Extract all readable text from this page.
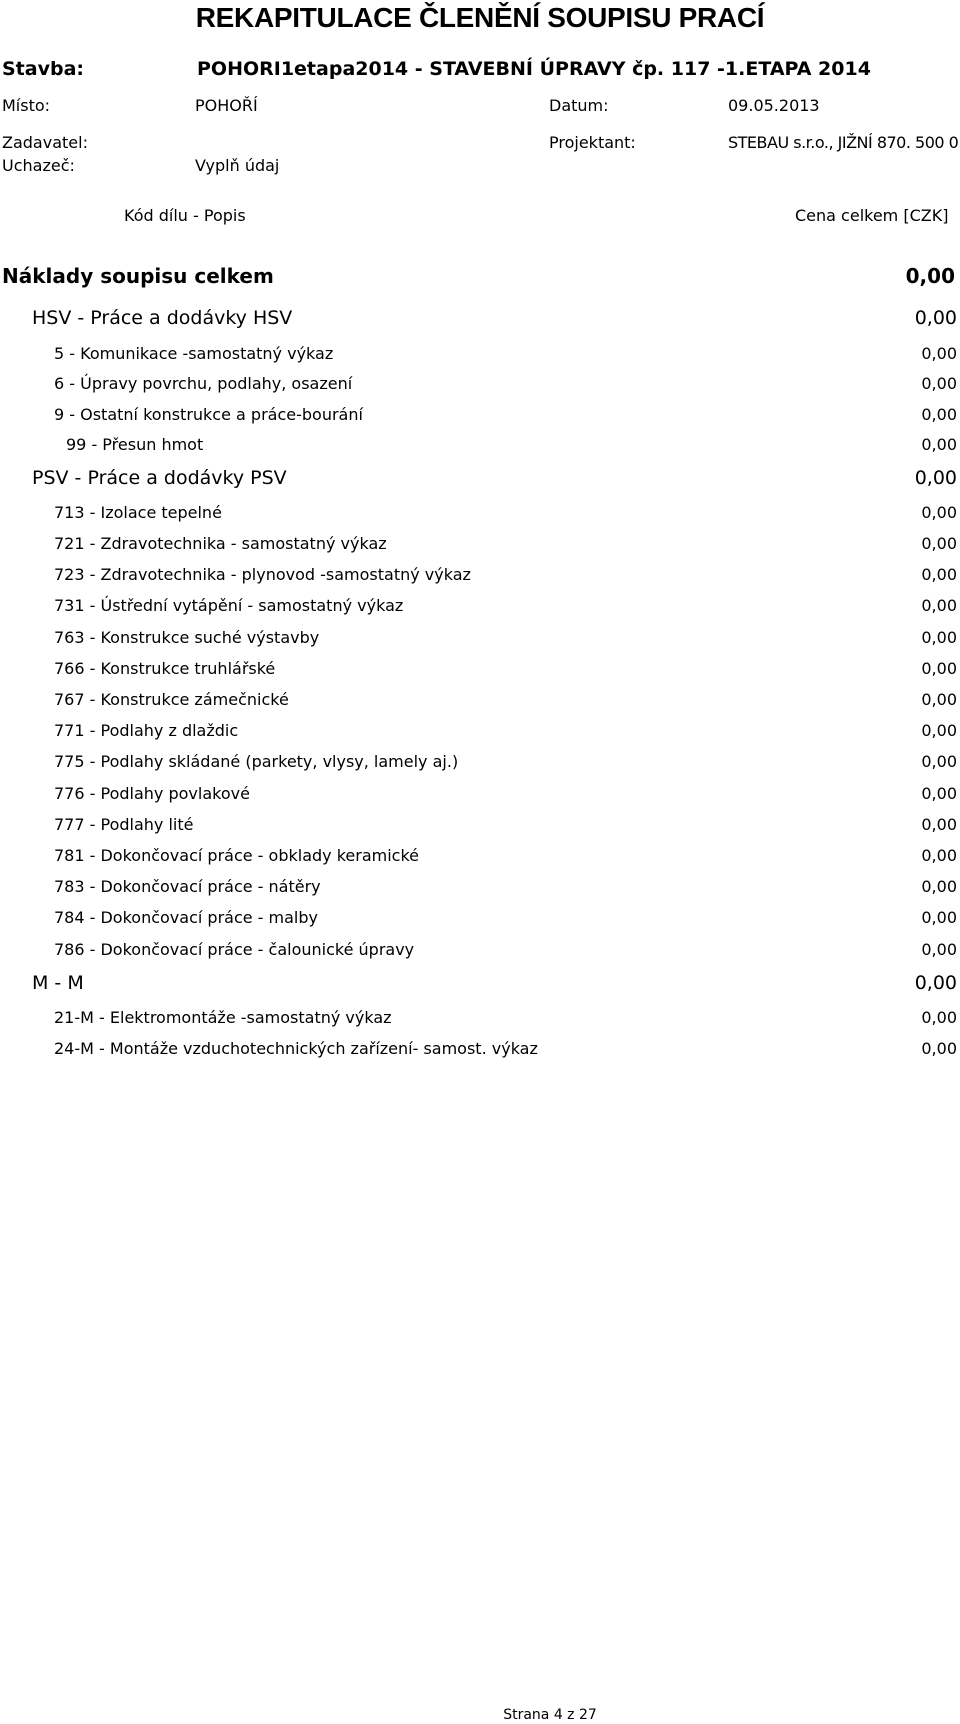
REKAPITULACE ČLENĚNÍ SOUPISU PRACÍ
Stavba:	POHORI1etapa2014 - STAVEBNÍ ÚPRAVY čp. 117 -1.ETAPA 2014
Místo:	POHOŘÍ	Datum:	09.05.2013
Zadavatel:	Projektant:	STEBAU s.r.o., JIŽNÍ 870. 500 0
Uchazeč:	Vyplň údaj
Kód dílu - Popis	Cena celkem [CZK]
Náklady soupisu celkem	0,00
HSV - Práce a dodávky HSV	0,00
5 - Komunikace -samostatný výkaz	0,00
6 - Úpravy povrchu, podlahy, osazení	0,00
9 - Ostatní konstrukce a práce-bourání	0,00
99 - Přesun hmot	0,00
PSV - Práce a dodávky PSV	0,00
713 - Izolace tepelné	0,00
721 - Zdravotechnika - samostatný výkaz	0,00
723 - Zdravotechnika - plynovod -samostatný výkaz	0,00
731 - Ústřední vytápění - samostatný výkaz	0,00
763 - Konstrukce suché výstavby	0,00
766 - Konstrukce truhlářské	0,00
767 - Konstrukce zámečnické	0,00
771 - Podlahy z dlaždic	0,00
775 - Podlahy skládané (parkety, vlysy, lamely aj.)	0,00
776 - Podlahy povlakové	0,00
777 - Podlahy lité	0,00
781 - Dokončovací práce - obklady keramické	0,00
783 - Dokončovací práce - nátěry	0,00
784 - Dokončovací práce - malby	0,00
786 - Dokončovací práce - čalounické úpravy	0,00
M - M	0,00
21-M - Elektromontáže -samostatný výkaz	0,00
24-M - Montáže vzduchotechnických zařízení- samost. výkaz	0,00
Strana 4 z 27
